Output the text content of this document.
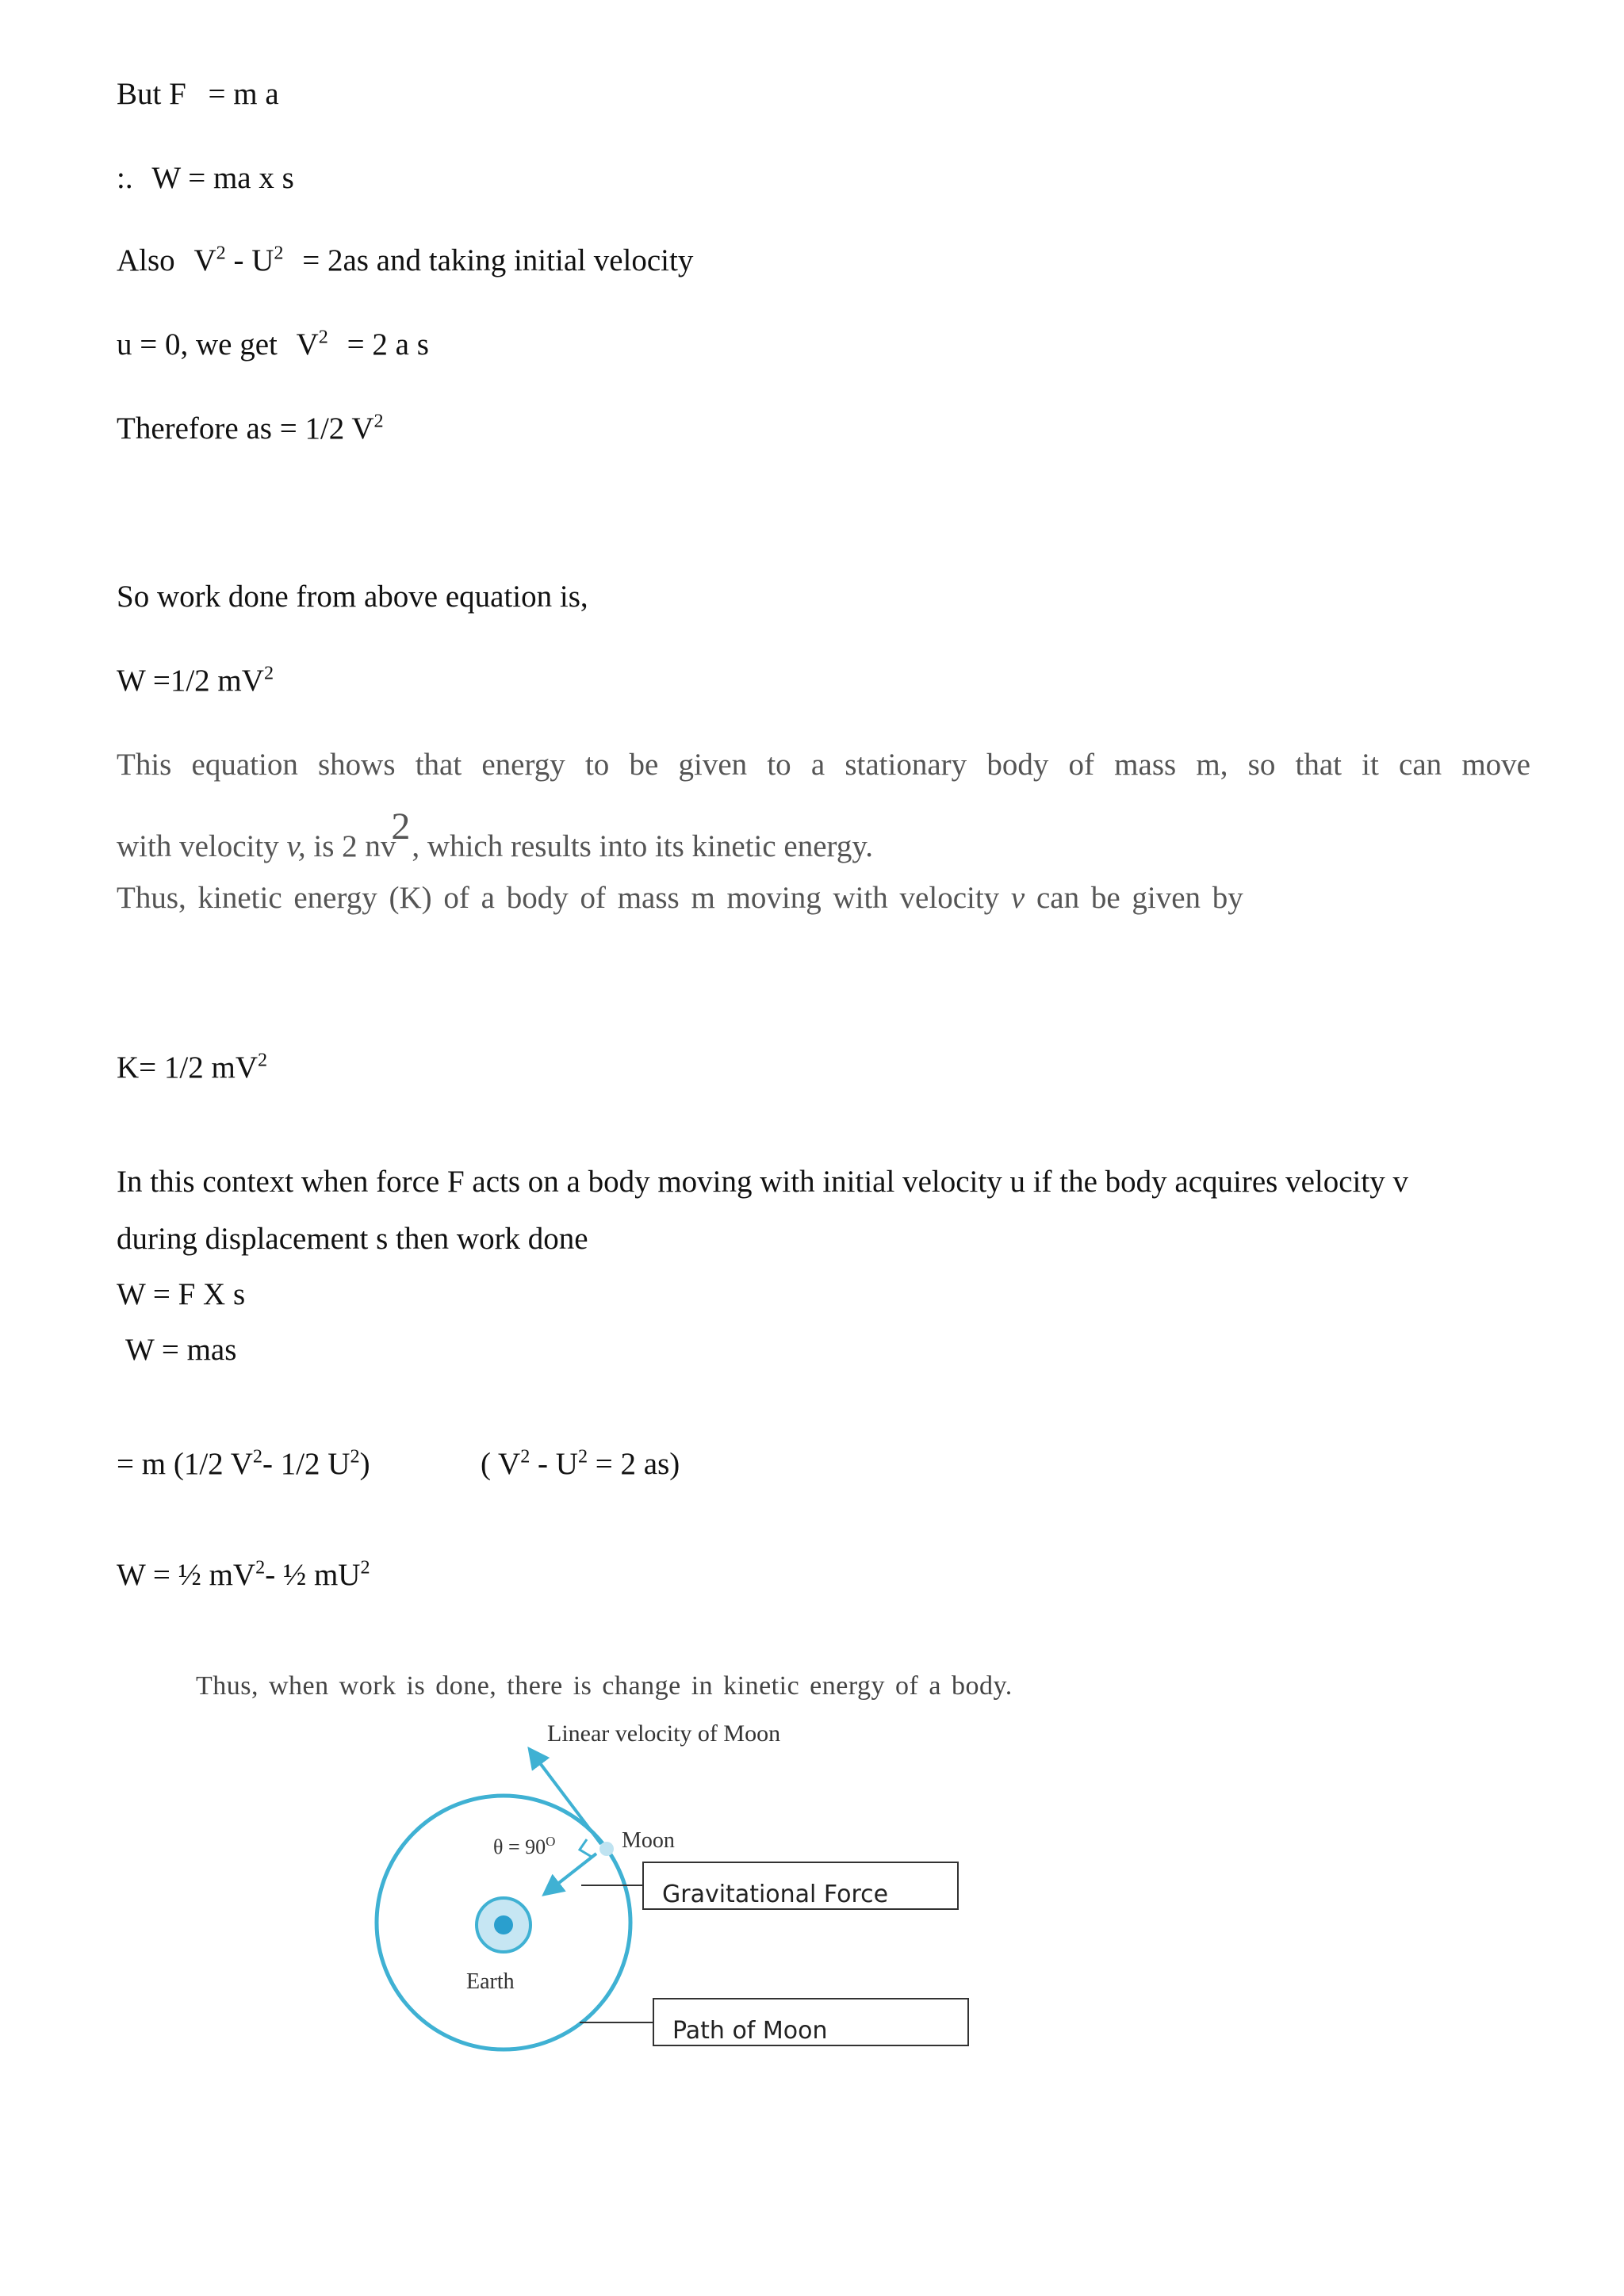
But F = m a
:. W = ma x s
Also $V^2 - U^2 = 2as$ and taking initial velocity
u = 0, we get $V^2 = 2$ a s
Therefore as = 1/2 $V^2$
So work done from above equation is,
W =1/2 $mV^2$
This equation shows that energy to be given to a stationary body of mass m, so that it can move
with velocity v, is 2 nv2, which results into its kinetic energy.
Thus, kinetic energy (K) of a body of mass m moving with velocity v can be given by
K= 1/2 $mV^2$
In this context when force F acts on a body moving with initial velocity u if the body acquires velocity v
during displacement s then work done
W = F X s
W = mas
= m (1/2 $V^2-$ 1/2 $U^2$)	( $V^2 - U^2 = 2$ as)
W = ½ $mV^2-$ ½ $mU^2$
Thus, when work is done, there is change in kinetic energy of a body.
Linear velocity of Moon
$\theta = 90^O$	Moon
Earth
Gravitational Force
Path of Moon
